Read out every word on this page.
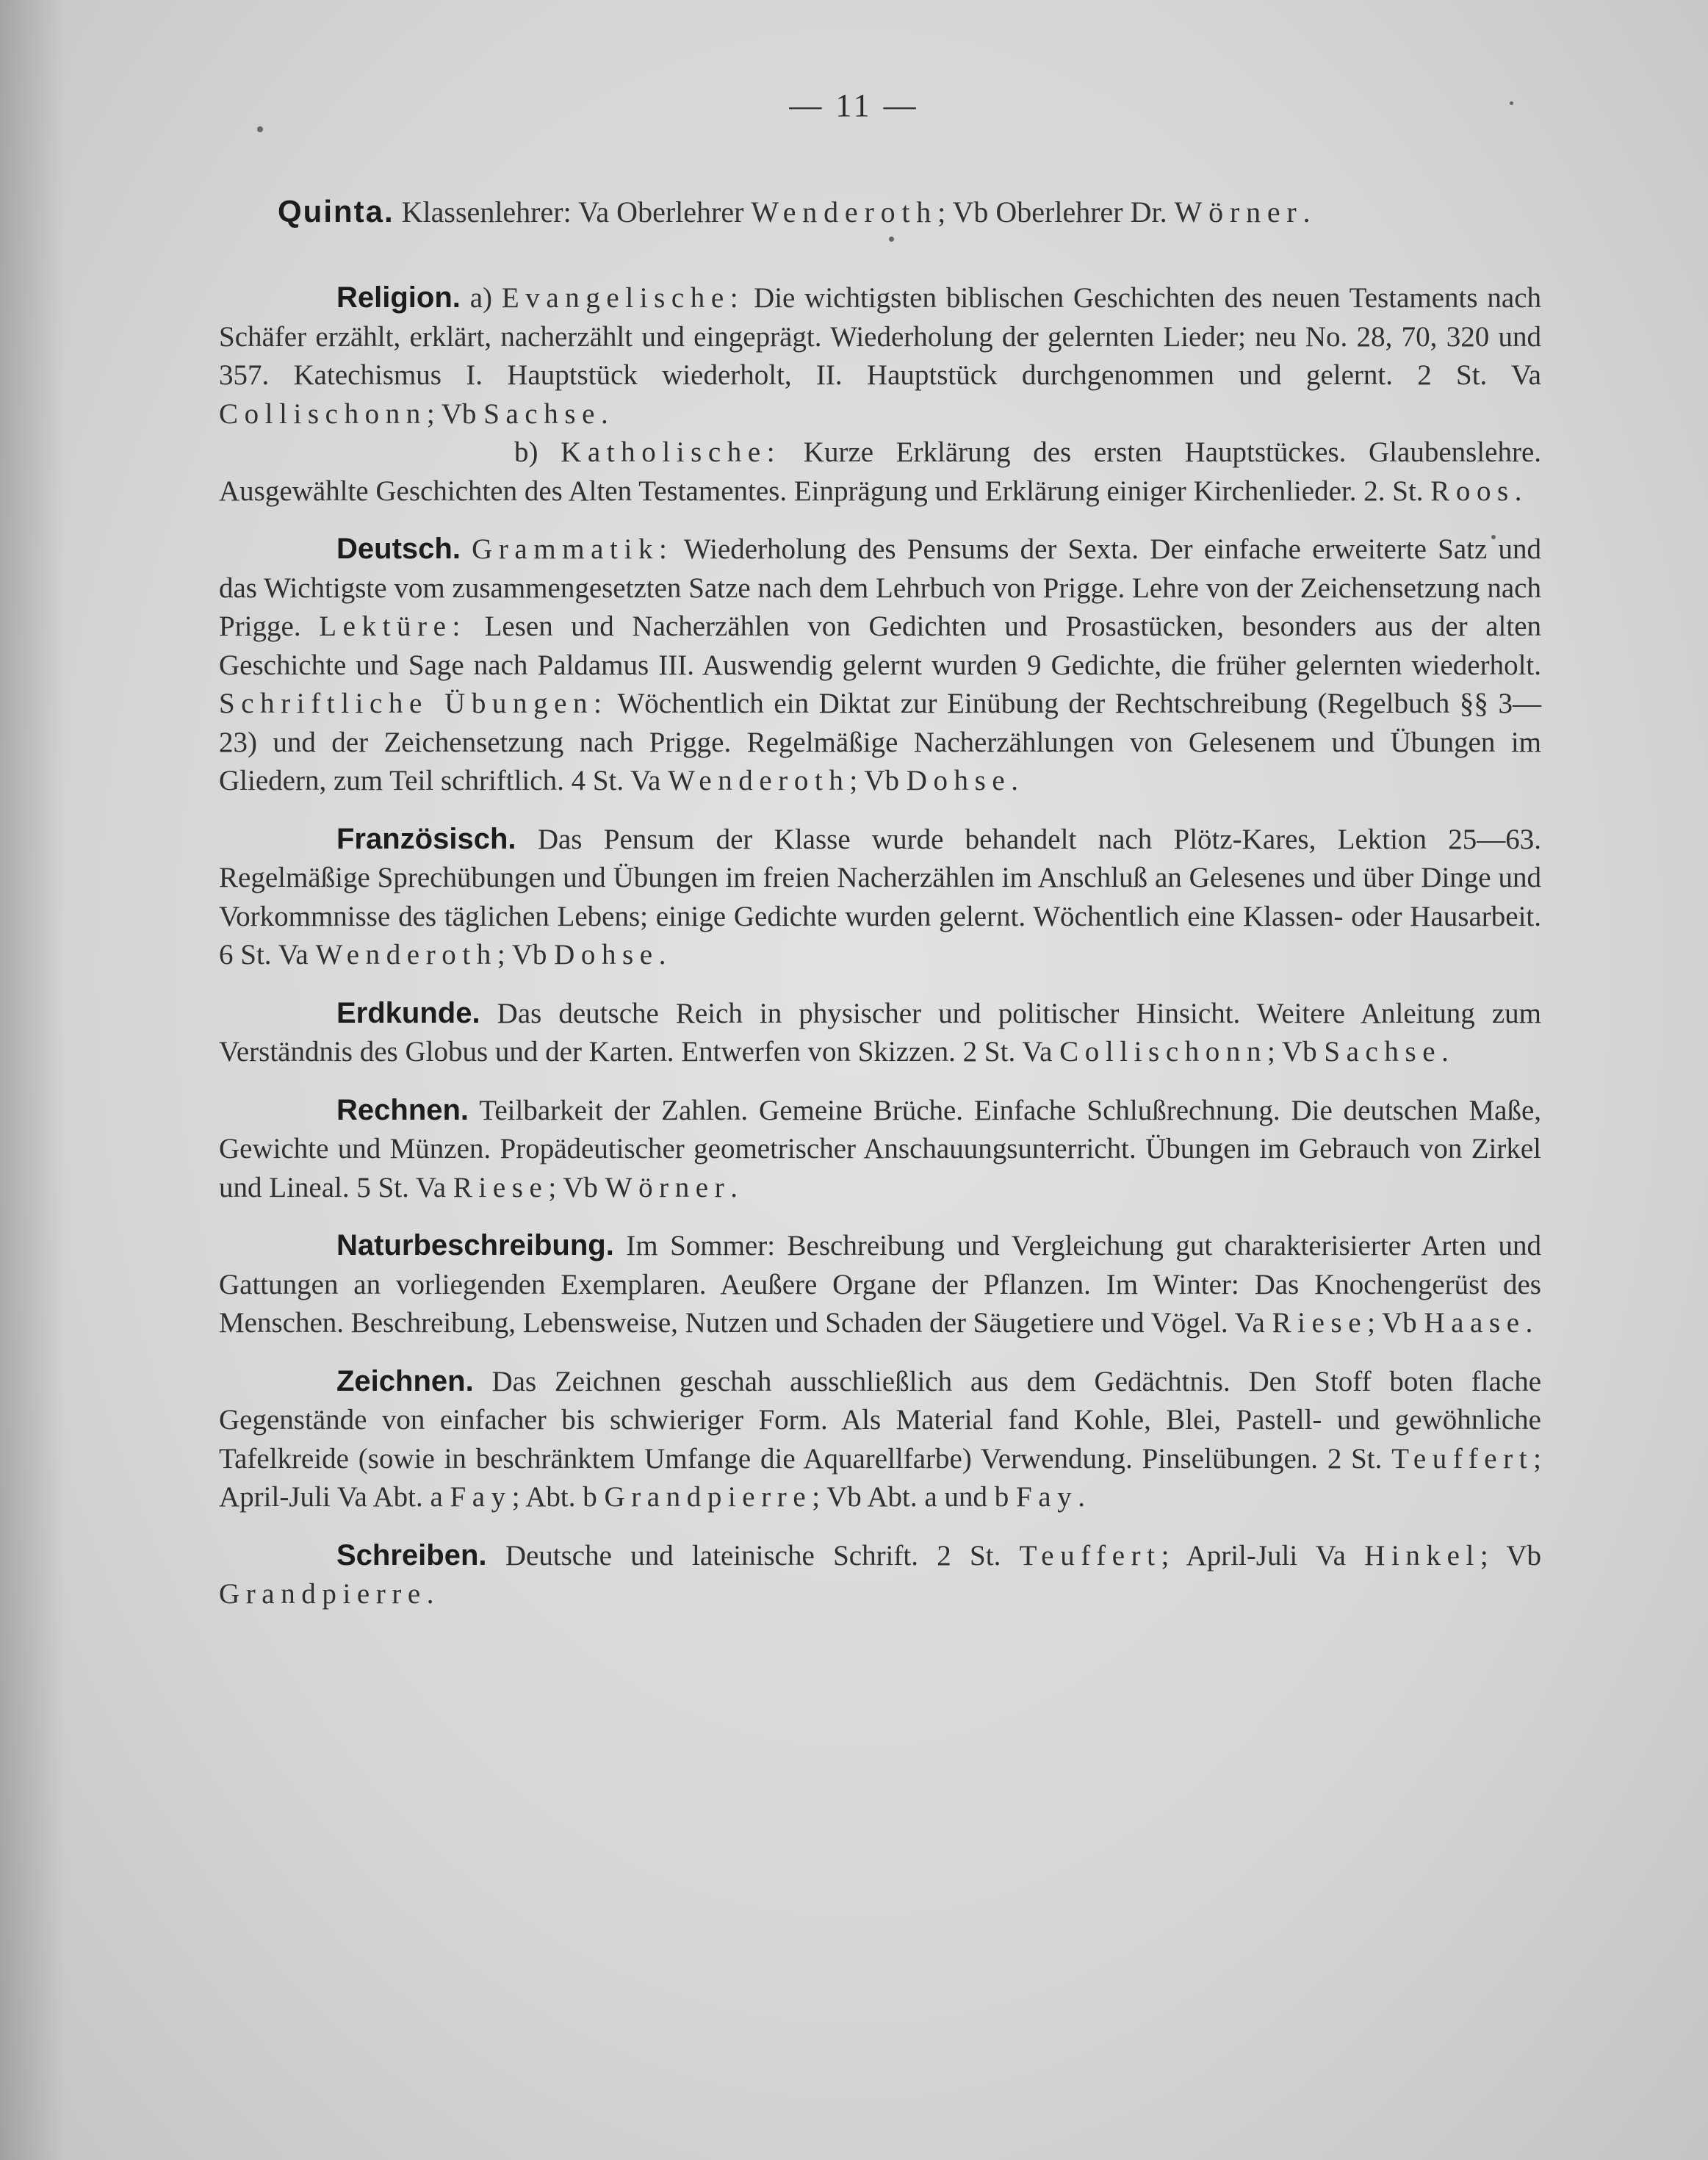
— 11 —
Quinta. Klassenlehrer: Va Oberlehrer Wenderoth; Vb Oberlehrer Dr. Wörner.

Religion. a) Evangelische: Die wichtigsten biblischen Geschichten des neuen Testaments nach Schäfer erzählt, erklärt, nacherzählt und eingeprägt. Wiederholung der gelernten Lieder; neu No. 28, 70, 320 und 357. Katechismus I. Hauptstück wiederholt, II. Hauptstück durchgenommen und gelernt. 2 St. Va Collischonn; Vb Sachse.

b) Katholische: Kurze Erklärung des ersten Hauptstückes. Glaubenslehre. Ausgewählte Geschichten des Alten Testamentes. Einprägung und Erklärung einiger Kirchenlieder. 2. St. Roos.

Deutsch. Grammatik: Wiederholung des Pensums der Sexta. Der einfache erweiterte Satz und das Wichtigste vom zusammengesetzten Satze nach dem Lehrbuch von Prigge. Lehre von der Zeichensetzung nach Prigge. Lektüre: Lesen und Nacherzählen von Gedichten und Prosastücken, besonders aus der alten Geschichte und Sage nach Paldamus III. Auswendig gelernt wurden 9 Gedichte, die früher gelernten wiederholt. Schriftliche Übungen: Wöchentlich ein Diktat zur Einübung der Rechtschreibung (Regelbuch §§ 3—23) und der Zeichensetzung nach Prigge. Regelmäßige Nacherzählungen von Gelesenem und Übungen im Gliedern, zum Teil schriftlich. 4 St. Va Wenderoth; Vb Dohse.

Französisch. Das Pensum der Klasse wurde behandelt nach Plötz-Kares, Lektion 25—63. Regelmäßige Sprechübungen und Übungen im freien Nacherzählen im Anschluß an Gelesenes und über Dinge und Vorkommnisse des täglichen Lebens; einige Gedichte wurden gelernt. Wöchentlich eine Klassen- oder Hausarbeit. 6 St. Va Wenderoth; Vb Dohse.

Erdkunde. Das deutsche Reich in physischer und politischer Hinsicht. Weitere Anleitung zum Verständnis des Globus und der Karten. Entwerfen von Skizzen. 2 St. Va Collischonn; Vb Sachse.

Rechnen. Teilbarkeit der Zahlen. Gemeine Brüche. Einfache Schlußrechnung. Die deutschen Maße, Gewichte und Münzen. Propädeutischer geometrischer Anschauungsunterricht. Übungen im Gebrauch von Zirkel und Lineal. 5 St. Va Riese; Vb Wörner.

Naturbeschreibung. Im Sommer: Beschreibung und Vergleichung gut charakterisierter Arten und Gattungen an vorliegenden Exemplaren. Aeußere Organe der Pflanzen. Im Winter: Das Knochengerüst des Menschen. Beschreibung, Lebensweise, Nutzen und Schaden der Säugetiere und Vögel. Va Riese; Vb Haase.

Zeichnen. Das Zeichnen geschah ausschließlich aus dem Gedächtnis. Den Stoff boten flache Gegenstände von einfacher bis schwieriger Form. Als Material fand Kohle, Blei, Pastell- und gewöhnliche Tafelkreide (sowie in beschränktem Umfange die Aquarellfarbe) Verwendung. Pinselübungen. 2 St. Teuffert; April-Juli Va Abt. a Fay; Abt. b Grandpierre; Vb Abt. a und b Fay.

Schreiben. Deutsche und lateinische Schrift. 2 St. Teuffert; April-Juli Va Hinkel; Vb Grandpierre.
